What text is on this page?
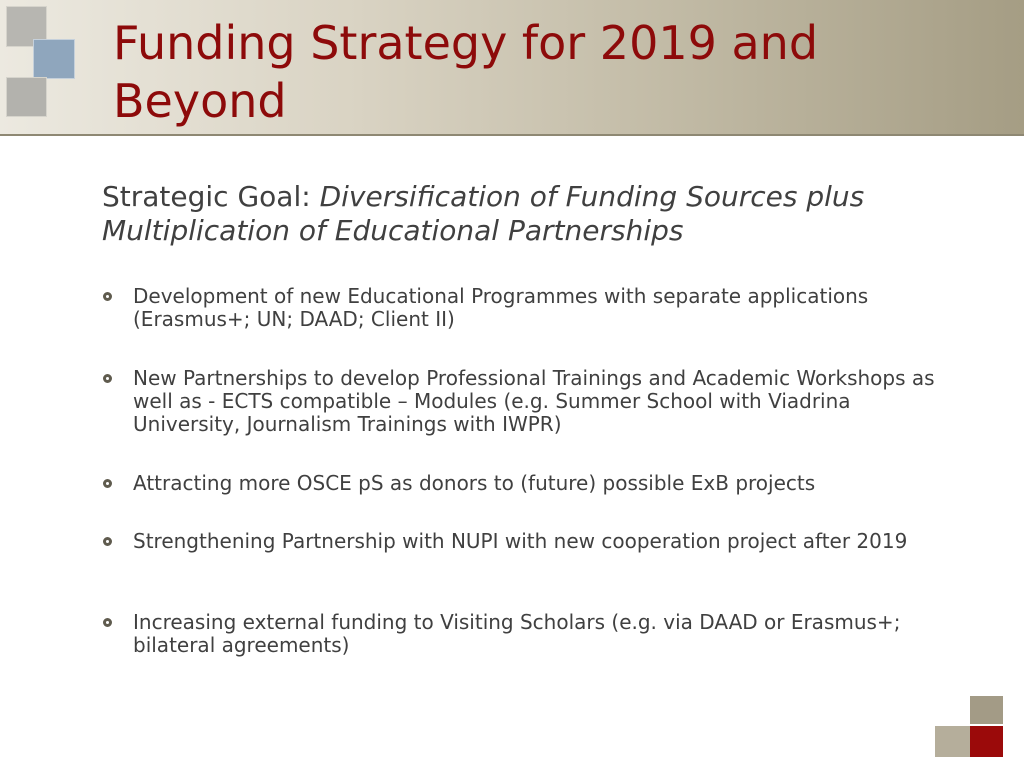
Funding Strategy for 2019 and Beyond

Strategic Goal: Diversification of Funding Sources plus Multiplication of Educational Partnerships

Development of new Educational Programmes with separate applications (Erasmus+; UN; DAAD; Client II)
New Partnerships to develop Professional Trainings and Academic Workshops as well as - ECTS compatible – Modules (e.g. Summer School with Viadrina University, Journalism Trainings with IWPR)
Attracting more OSCE pS as donors to (future) possible ExB projects
Strengthening Partnership with NUPI with new cooperation project after 2019
Increasing external funding to Visiting Scholars (e.g. via DAAD or Erasmus+; bilateral agreements)
